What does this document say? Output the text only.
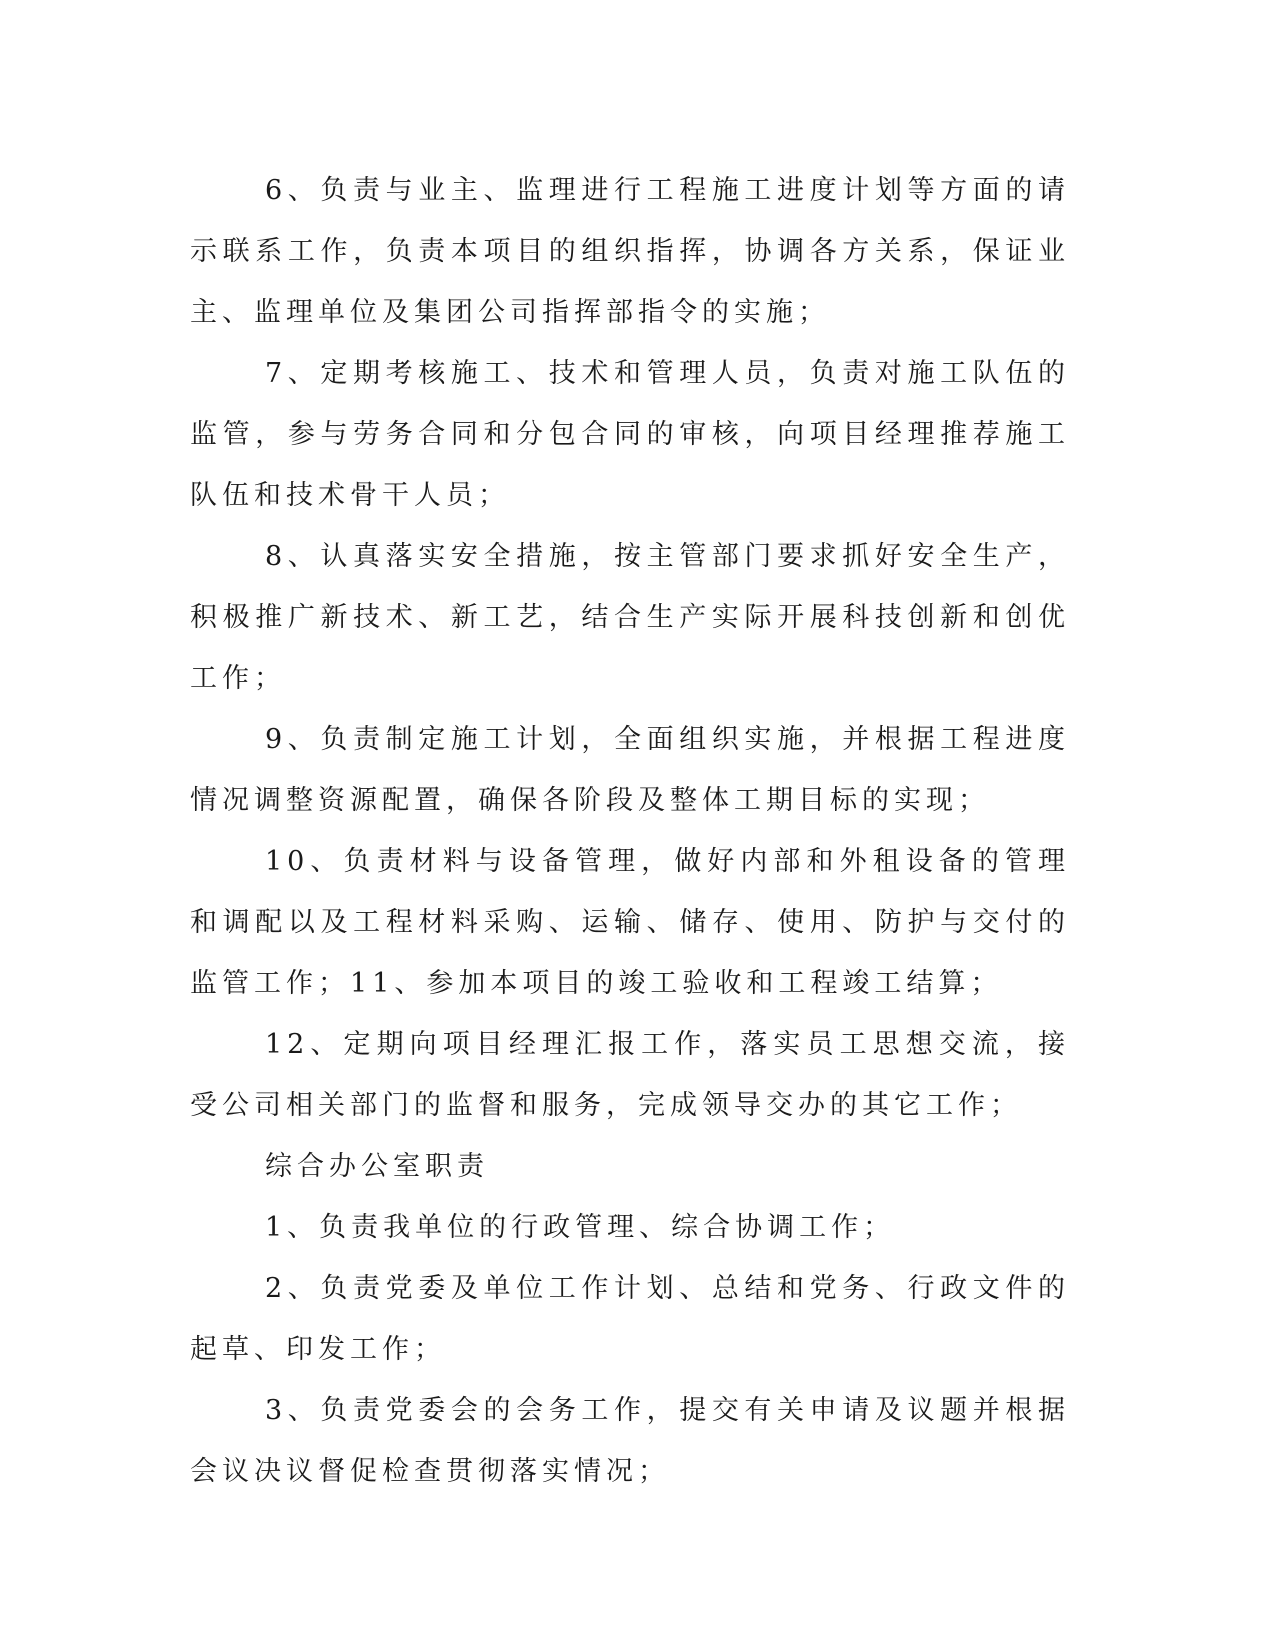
6、负责与业主、监理进行工程施工进度计划等方面的请示联系工作，负责本项目的组织指挥，协调各方关系，保证业主、监理单位及集团公司指挥部指令的实施；

7、定期考核施工、技术和管理人员，负责对施工队伍的监管，参与劳务合同和分包合同的审核，向项目经理推荐施工队伍和技术骨干人员；

8、认真落实安全措施，按主管部门要求抓好安全生产，积极推广新技术、新工艺，结合生产实际开展科技创新和创优工作；

9、负责制定施工计划，全面组织实施，并根据工程进度情况调整资源配置，确保各阶段及整体工期目标的实现；

10、负责材料与设备管理，做好内部和外租设备的管理和调配以及工程材料采购、运输、储存、使用、防护与交付的监管工作；11、参加本项目的竣工验收和工程竣工结算；

12、定期向项目经理汇报工作，落实员工思想交流，接受公司相关部门的监督和服务，完成领导交办的其它工作；

综合办公室职责

1、负责我单位的行政管理、综合协调工作；

2、负责党委及单位工作计划、总结和党务、行政文件的起草、印发工作；

3、负责党委会的会务工作，提交有关申请及议题并根据会议决议督促检查贯彻落实情况；
